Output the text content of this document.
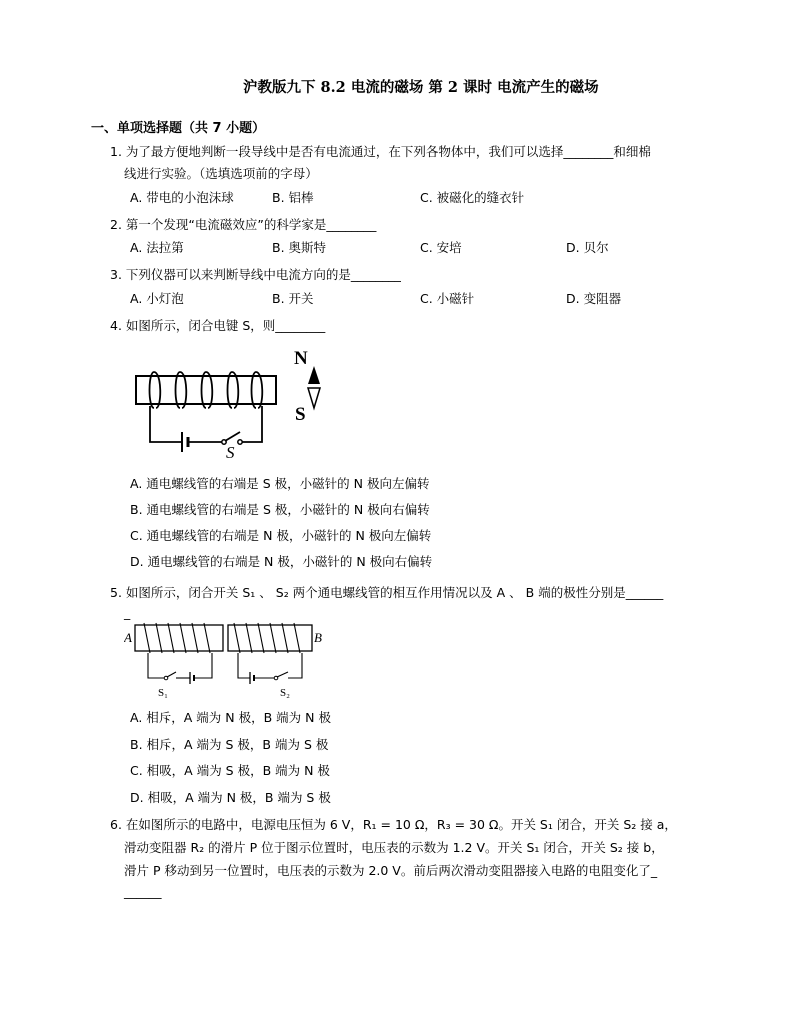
沪教版九下 8.2 电流的磁场 第 2 课时 电流产生的磁场
一、单项选择题（共 7 小题）
1. 为了最方便地判断一段导线中是否有电流通过，在下列各物体中，我们可以选择________和细棉
线进行实验。（选填选项前的字母）
A. 带电的小泡沫球	B. 铝棒	C. 被磁化的缝衣针
2. 第一个发现“电流磁效应”的科学家是________
A. 法拉第	B. 奥斯特	C. 安培	D. 贝尔
3. 下列仪器可以来判断导线中电流方向的是________
A. 小灯泡	B. 开关	C. 小磁针	D. 变阻器
4. 如图所示，闭合电键 S，则________
S
N
S
A. 通电螺线管的右端是 S 极，小磁针的 N 极向左偏转
B. 通电螺线管的右端是 S 极，小磁针的 N 极向右偏转
C. 通电螺线管的右端是 N 极，小磁针的 N 极向左偏转
D. 通电螺线管的右端是 N 极，小磁针的 N 极向右偏转
5. 如图所示，闭合开关 S₁ 、 S₂ 两个通电螺线管的相互作用情况以及 A 、 B 端的极性分别是______
_
A	B
S₁	S₂
A. 相斥，A 端为 N 极，B 端为 N 极
B. 相斥，A 端为 S 极，B 端为 S 极
C. 相吸，A 端为 S 极，B 端为 N 极
D. 相吸，A 端为 N 极，B 端为 S 极
6. 在如图所示的电路中，电源电压恒为 6 V，R₁ = 10 Ω，R₃ = 30 Ω。开关 S₁ 闭合，开关 S₂ 接 a，
滑动变阻器 R₂ 的滑片 P 位于图示位置时，电压表的示数为 1.2 V。开关 S₁ 闭合，开关 S₂ 接 b，
滑片 P 移动到另一位置时，电压表的示数为 2.0 V。前后两次滑动变阻器接入电路的电阻变化了_
______
